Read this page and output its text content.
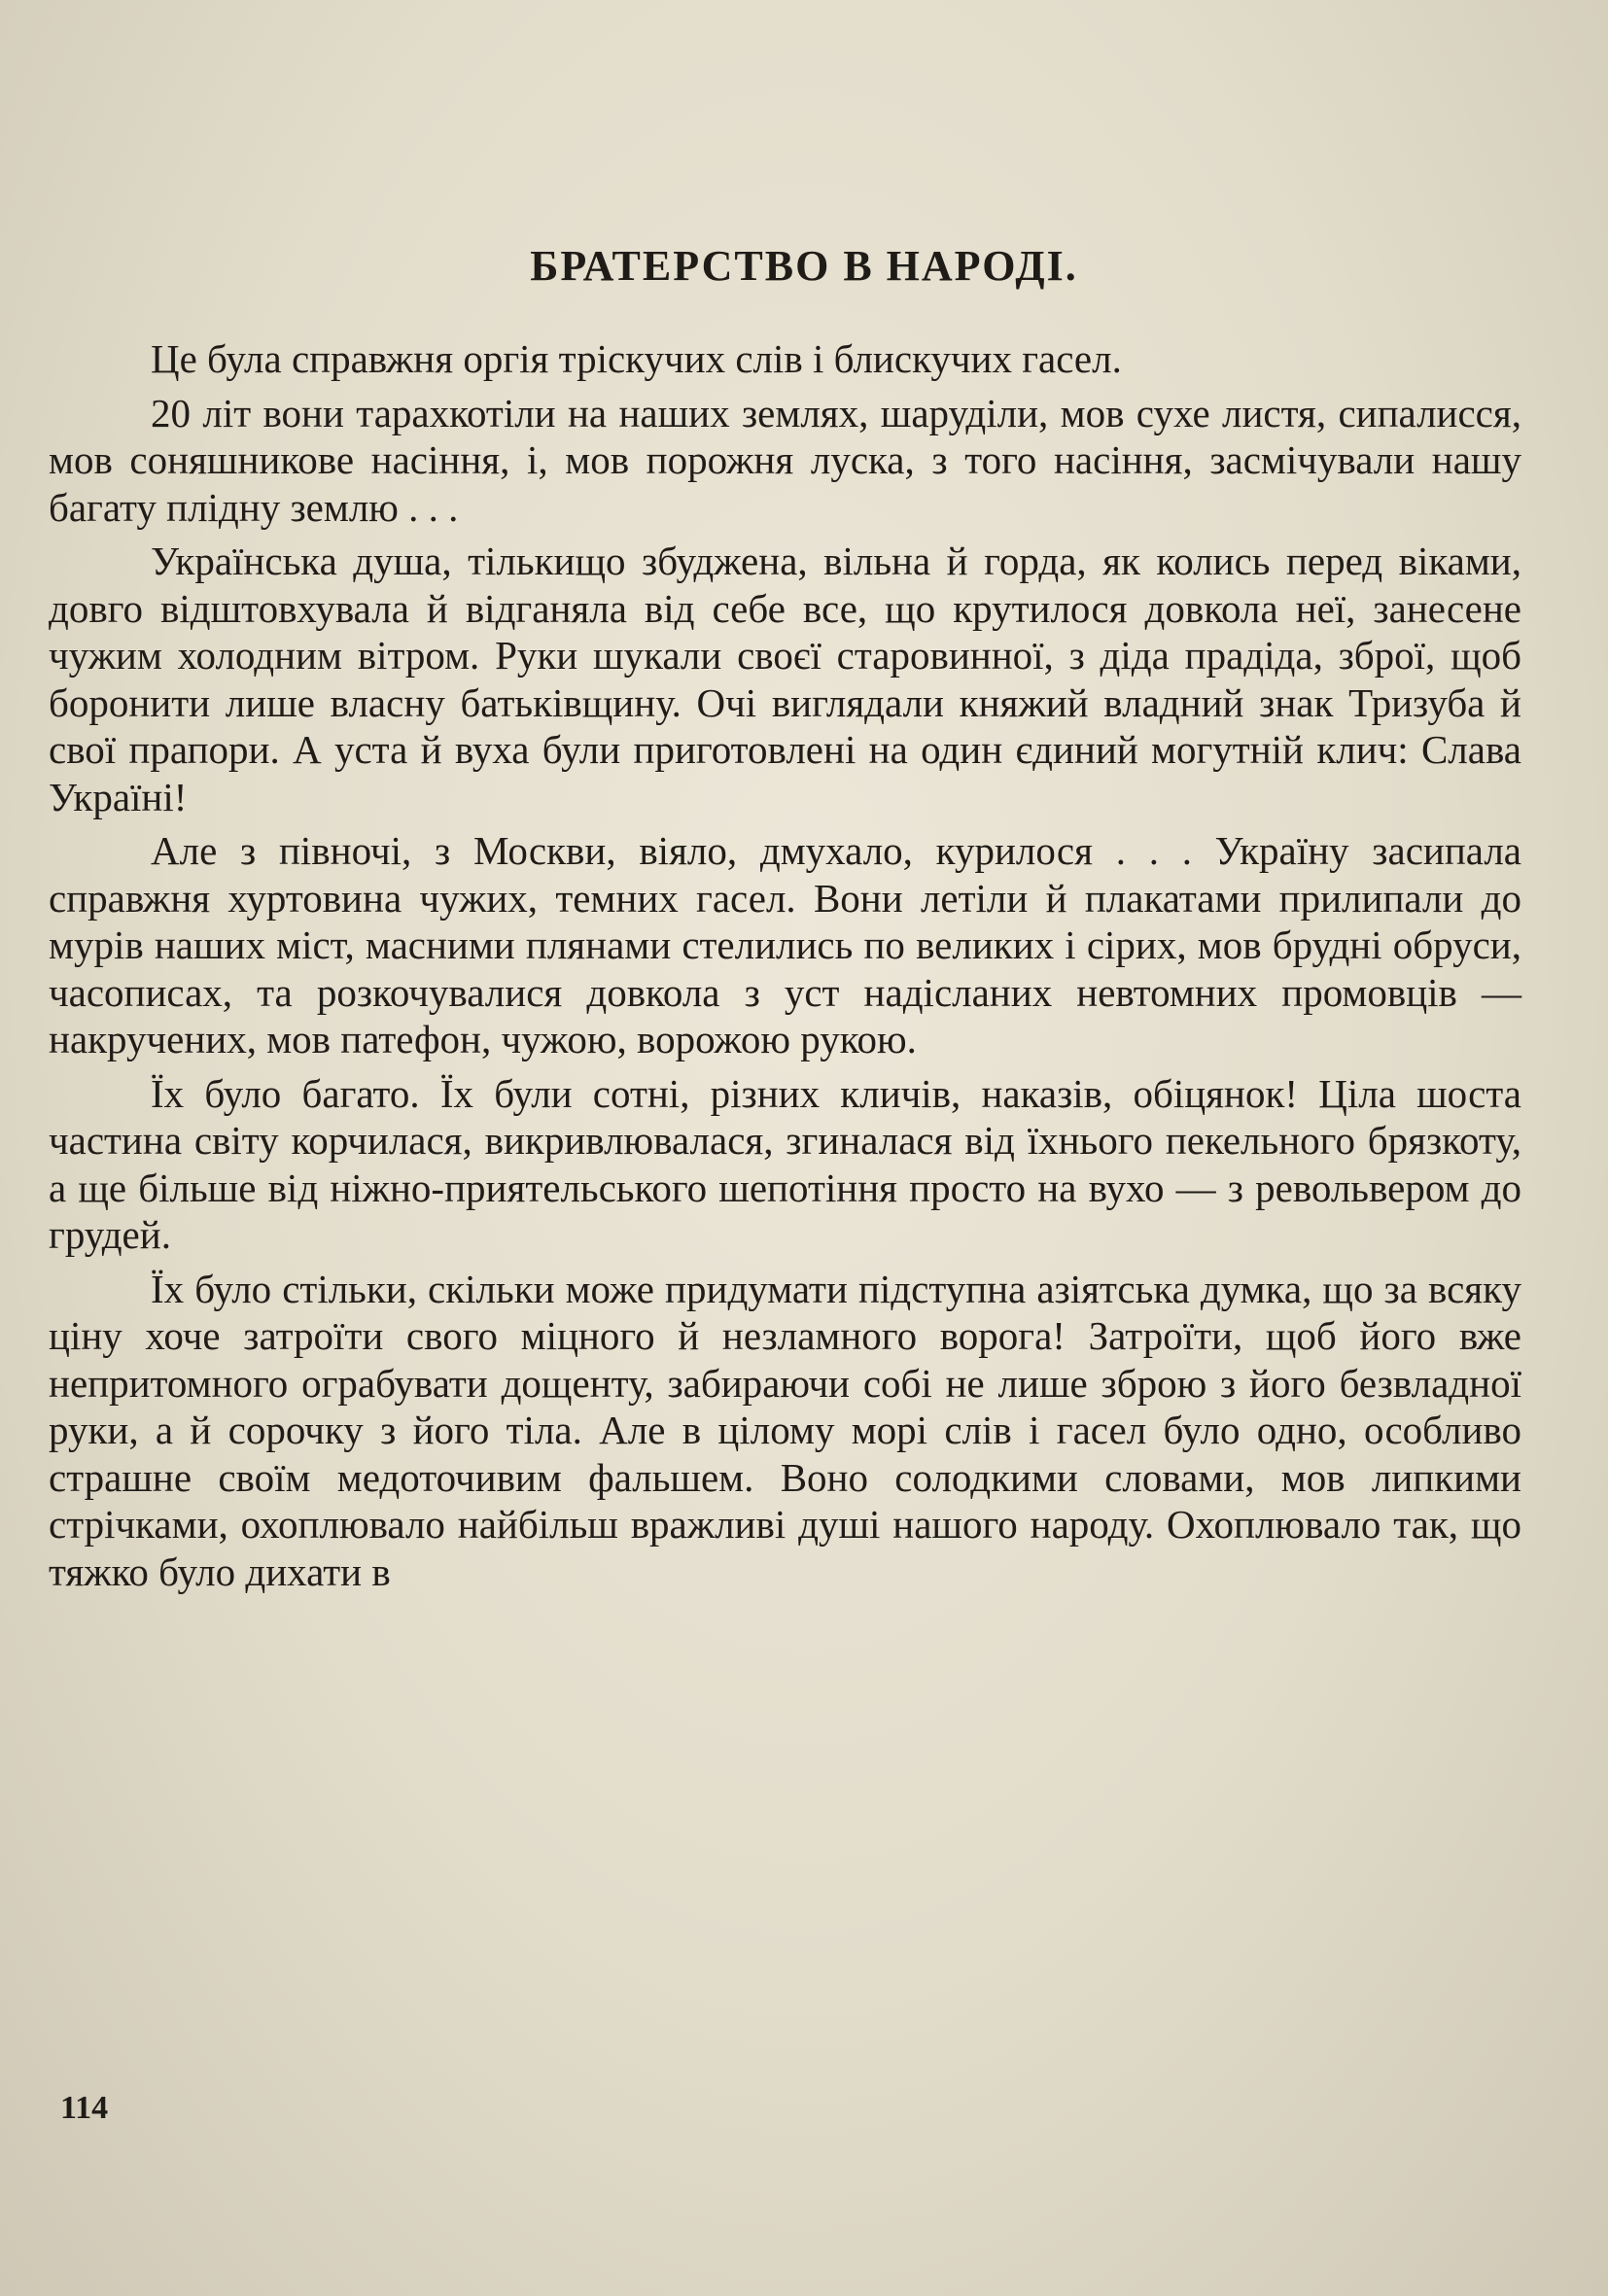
БРАТЕРСТВО В НАРОДІ.

Це була справжня оргія тріскучих слів і блискучих гасел.

20 літ вони тарахкотіли на наших землях, шаруділи, мов сухе листя, сипалисся, мов соняшникове насіння, і, мов порожня луска, з того насіння, засмічували нашу багату плідну землю . . .

Українська душа, тількищо збуджена, вільна й горда, як колись перед віками, довго відштовхувала й відганяла від себе все, що крутилося довкола неї, занесене чужим холодним вітром. Руки шукали своєї старовинної, з діда прадіда, зброї, щоб боронити лише власну батьківщину. Очі виглядали княжий владний знак Тризуба й свої прапори. А уста й вуха були приготовлені на один єдиний могутній клич: Слава Україні!

Але з півночі, з Москви, віяло, дмухало, курилося . . . Україну засипала справжня хуртовина чужих, темних гасел. Вони летіли й плакатами прилипали до мурів наших міст, масними плянами стелились по великих і сірих, мов брудні обруси, часописах, та розкочувалися довкола з уст надісланих невтомних промовців — накручених, мов патефон, чужою, ворожою рукою.

Їх було багато. Їх були сотні, різних кличів, наказів, обіцянок! Ціла шоста частина світу корчилася, викривлювалася, згиналася від їхнього пекельного брязкоту, а ще більше від ніжно-приятельського шепотіння просто на вухо — з револьвером до грудей.

Їх було стільки, скільки може придумати підступна азіятська думка, що за всяку ціну хоче затроїти свого міцного й незламного ворога! Затроїти, щоб його вже непритомного ограбувати дощенту, забираючи собі не лише зброю з його безвладної руки, а й сорочку з його тіла. Але в цілому морі слів і гасел було одно, особливо страшне своїм медоточивим фальшем. Воно солодкими словами, мов липкими стрічками, охоплювало найбільш вражливі душі нашого народу. Охоплювало так, що тяжко було дихати в

114
